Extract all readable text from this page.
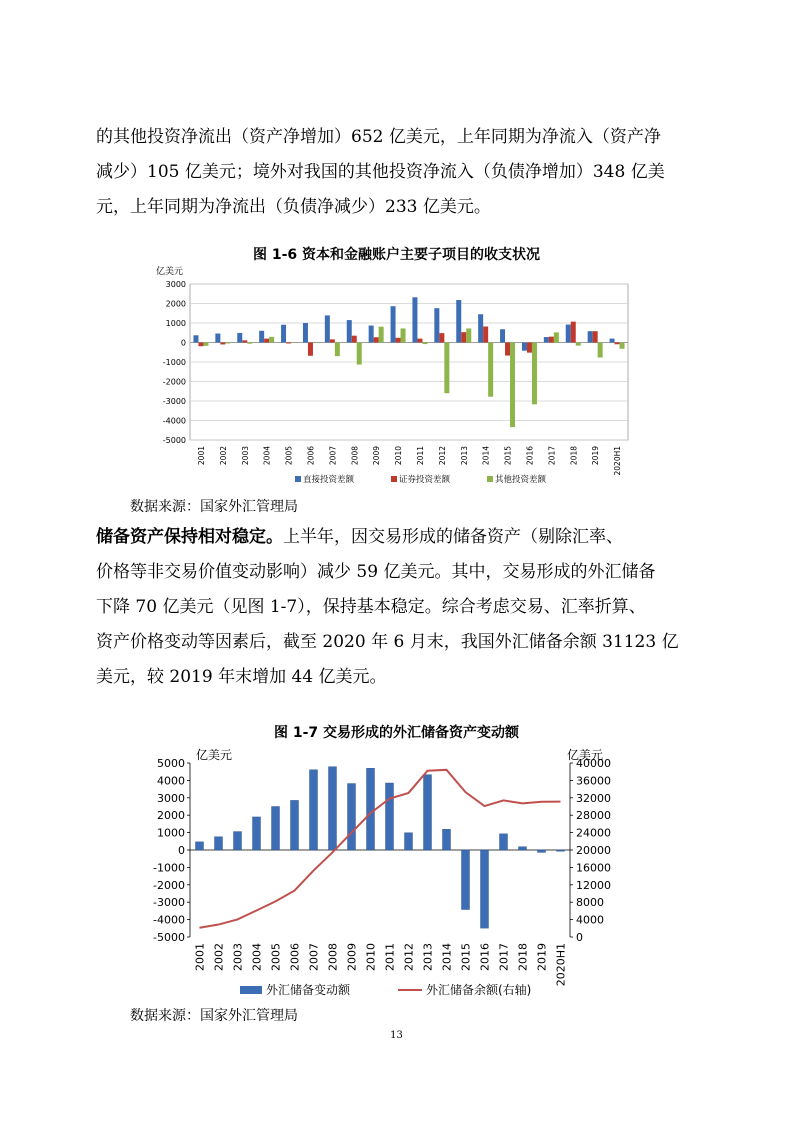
的其他投资净流出（资产净增加）652 亿美元，上年同期为净流入（资产净
减少）105 亿美元；境外对我国的其他投资净流入（负债净增加）348 亿美
元，上年同期为净流出（负债净减少）233 亿美元。
图 1-6 资本和金融账户主要子项目的收支状况
亿美元
3000
2000
1000
0
-1000
-2000
-3000
-4000
-5000
2001 2002 2003 2004 2005 2006 2007 2008 2009 2010 2011 2012 2013 2014 2015 2016 2017 2018 2019 2020H1
直接投资差额	证券投资差额	其他投资差额
数据来源：国家外汇管理局
储备资产保持相对稳定。上半年，因交易形成的储备资产（剔除汇率、
价格等非交易价值变动影响）减少 59 亿美元。其中，交易形成的外汇储备
下降 70 亿美元（见图 1-7），保持基本稳定。综合考虑交易、汇率折算、
资产价格变动等因素后，截至 2020 年 6 月末，我国外汇储备余额 31123 亿
美元，较 2019 年末增加 44 亿美元。
图 1-7 交易形成的外汇储备资产变动额
亿美元	亿美元
5000
4000
3000
2000
1000
0
-1000
-2000
-3000
-4000
-5000
40000
36000
32000
28000
24000
20000
16000
12000
8000
4000
0
2001 2002 2003 2004 2005 2006 2007 2008 2009 2010 2011 2012 2013 2014 2015 2016 2017 2018 2019 2020H1
外汇储备变动额	外汇储备余额(右轴)
数据来源：国家外汇管理局
13
